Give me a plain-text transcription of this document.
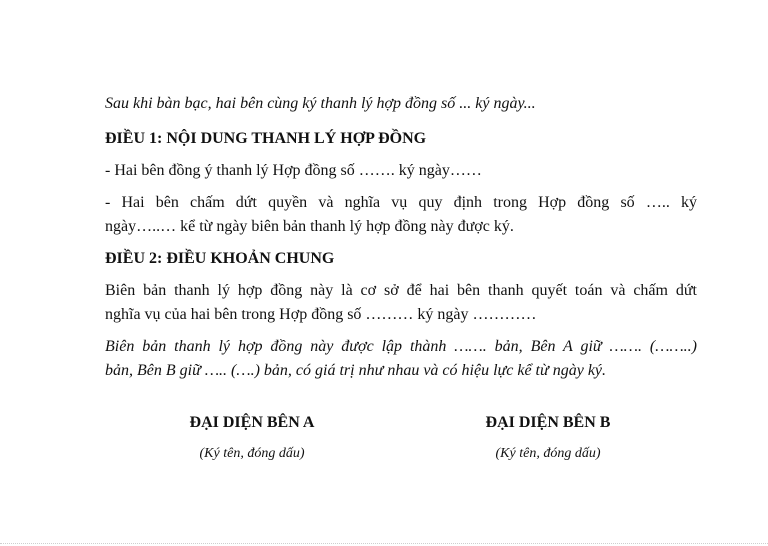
Sau khi bàn bạc, hai bên cùng ký thanh lý hợp đồng số ... ký ngày...

ĐIỀU 1: NỘI DUNG THANH LÝ HỢP ĐỒNG

- Hai bên đồng ý thanh lý Hợp đồng số ……. ký ngày……

- Hai bên chấm dứt quyền và nghĩa vụ quy định trong Hợp đồng số ….. ký

ngày…..… kể từ ngày biên bản thanh lý hợp đồng này được ký.

ĐIỀU 2: ĐIỀU KHOẢN CHUNG

Biên bản thanh lý hợp đồng này là cơ sở để hai bên thanh quyết toán và chấm dứt

nghĩa vụ của hai bên trong Hợp đồng số ……… ký ngày …………

Biên bản thanh lý hợp đồng này được lập thành ……. bản, Bên A giữ ……. (……..)

bản, Bên B giữ ….. (….) bản, có giá trị như nhau và có hiệu lực kể từ ngày ký.

ĐẠI DIỆN BÊN A
(Ký tên, đóng dấu)
ĐẠI DIỆN BÊN B
(Ký tên, đóng dấu)
